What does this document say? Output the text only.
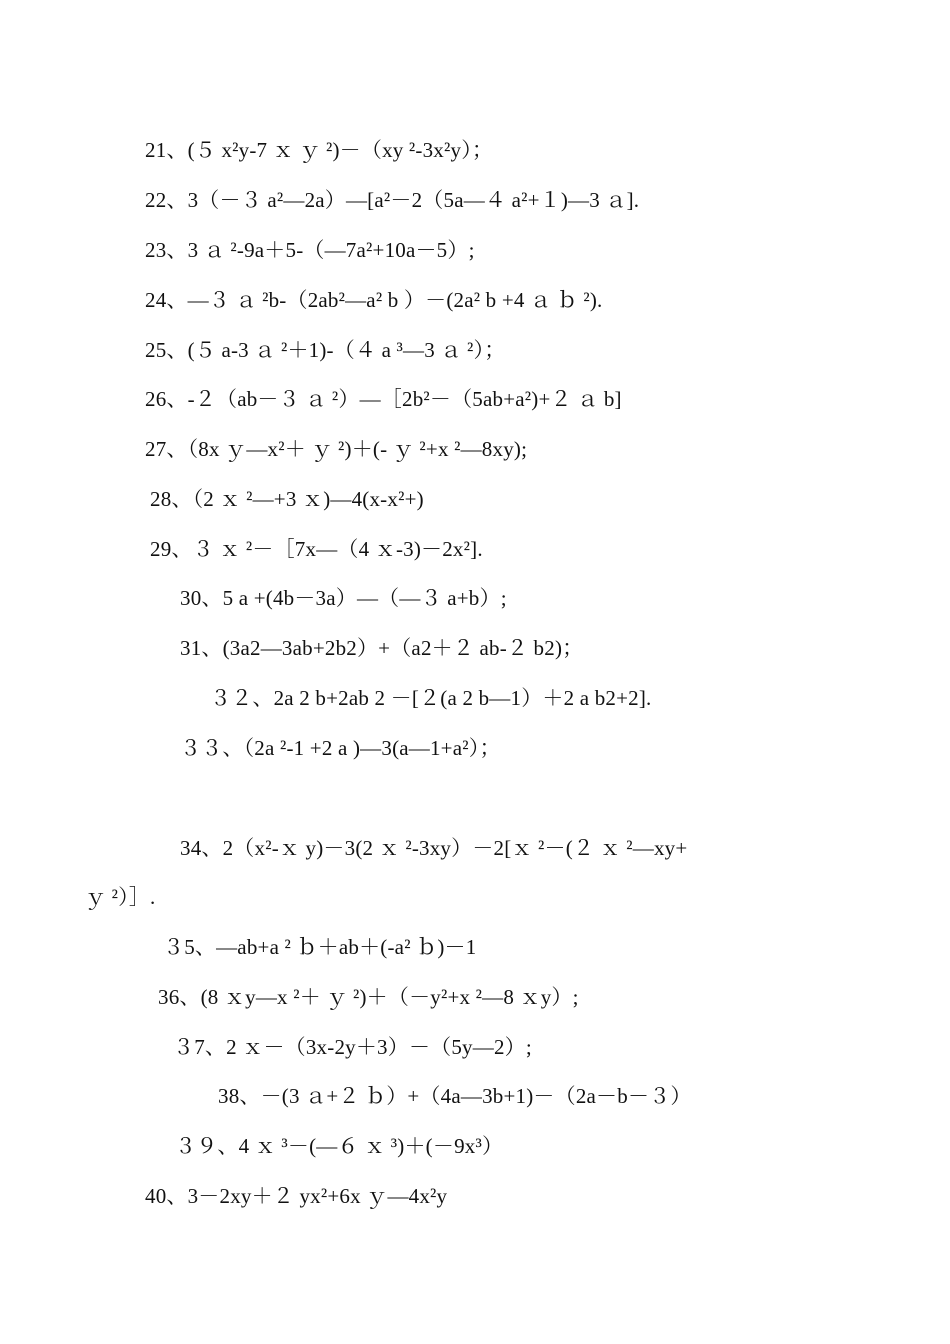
21、(５ x²y-7 ｘ ｙ ²)－（xy ²-3x²y）；
22、3（－３ a²—2a）—[a²－2（5a—４ a²+１)—3 ａ].
23、3 ａ ²-9a＋5-（—7a²+10a－5）;
24、—３ ａ ²b-（2ab²—a² b ）－(2a² b +4 ａ ｂ ²).
25、(５ a-3 ａ ²＋1)-（４ a ³—3 ａ ²）；
26、-２（ab－３ ａ ²）—［2b²－（5ab+a²)+２ ａ b]
27、（8x ｙ—x²＋ ｙ ²)＋(- ｙ ²+x ²—8xy);
28、（2 ｘ ²—+3 ｘ)—4(x-x²+)
29、３ ｘ ²－［7x—（4 ｘ-3)－2x²].
30、5 a +(4b－3a）—（—３ a+b）;
31、(3a2—3ab+2b2）+（a2＋２ ab-２ b2)；
３２、2a 2 b+2ab 2 －[２(a 2 b—1）＋2 a b2+2].
３３、（2a ²-1 +2 a )—3(a—1+a²）；
34、2（x²-ｘ y)－3(2 ｘ ²-3xy）－2[ｘ ²－(２ ｘ ²—xy+
ｙ ²）］.
３5、—ab+a ² ｂ＋ab＋(-a² ｂ)－1
36、(8 ｘy—x ²＋ ｙ ²)＋（－y²+x ²—8 ｘy）;
３7、2 ｘ－（3x-2y＋3）－（5y—2）;
38、－(3 ａ+２ ｂ）+（4a—3b+1)－（2a－b－３）
３９、4 ｘ ³－(—６ ｘ ³)＋(－9x³）
40、3－2xy＋２ yx²+6x ｙ—4x²y
